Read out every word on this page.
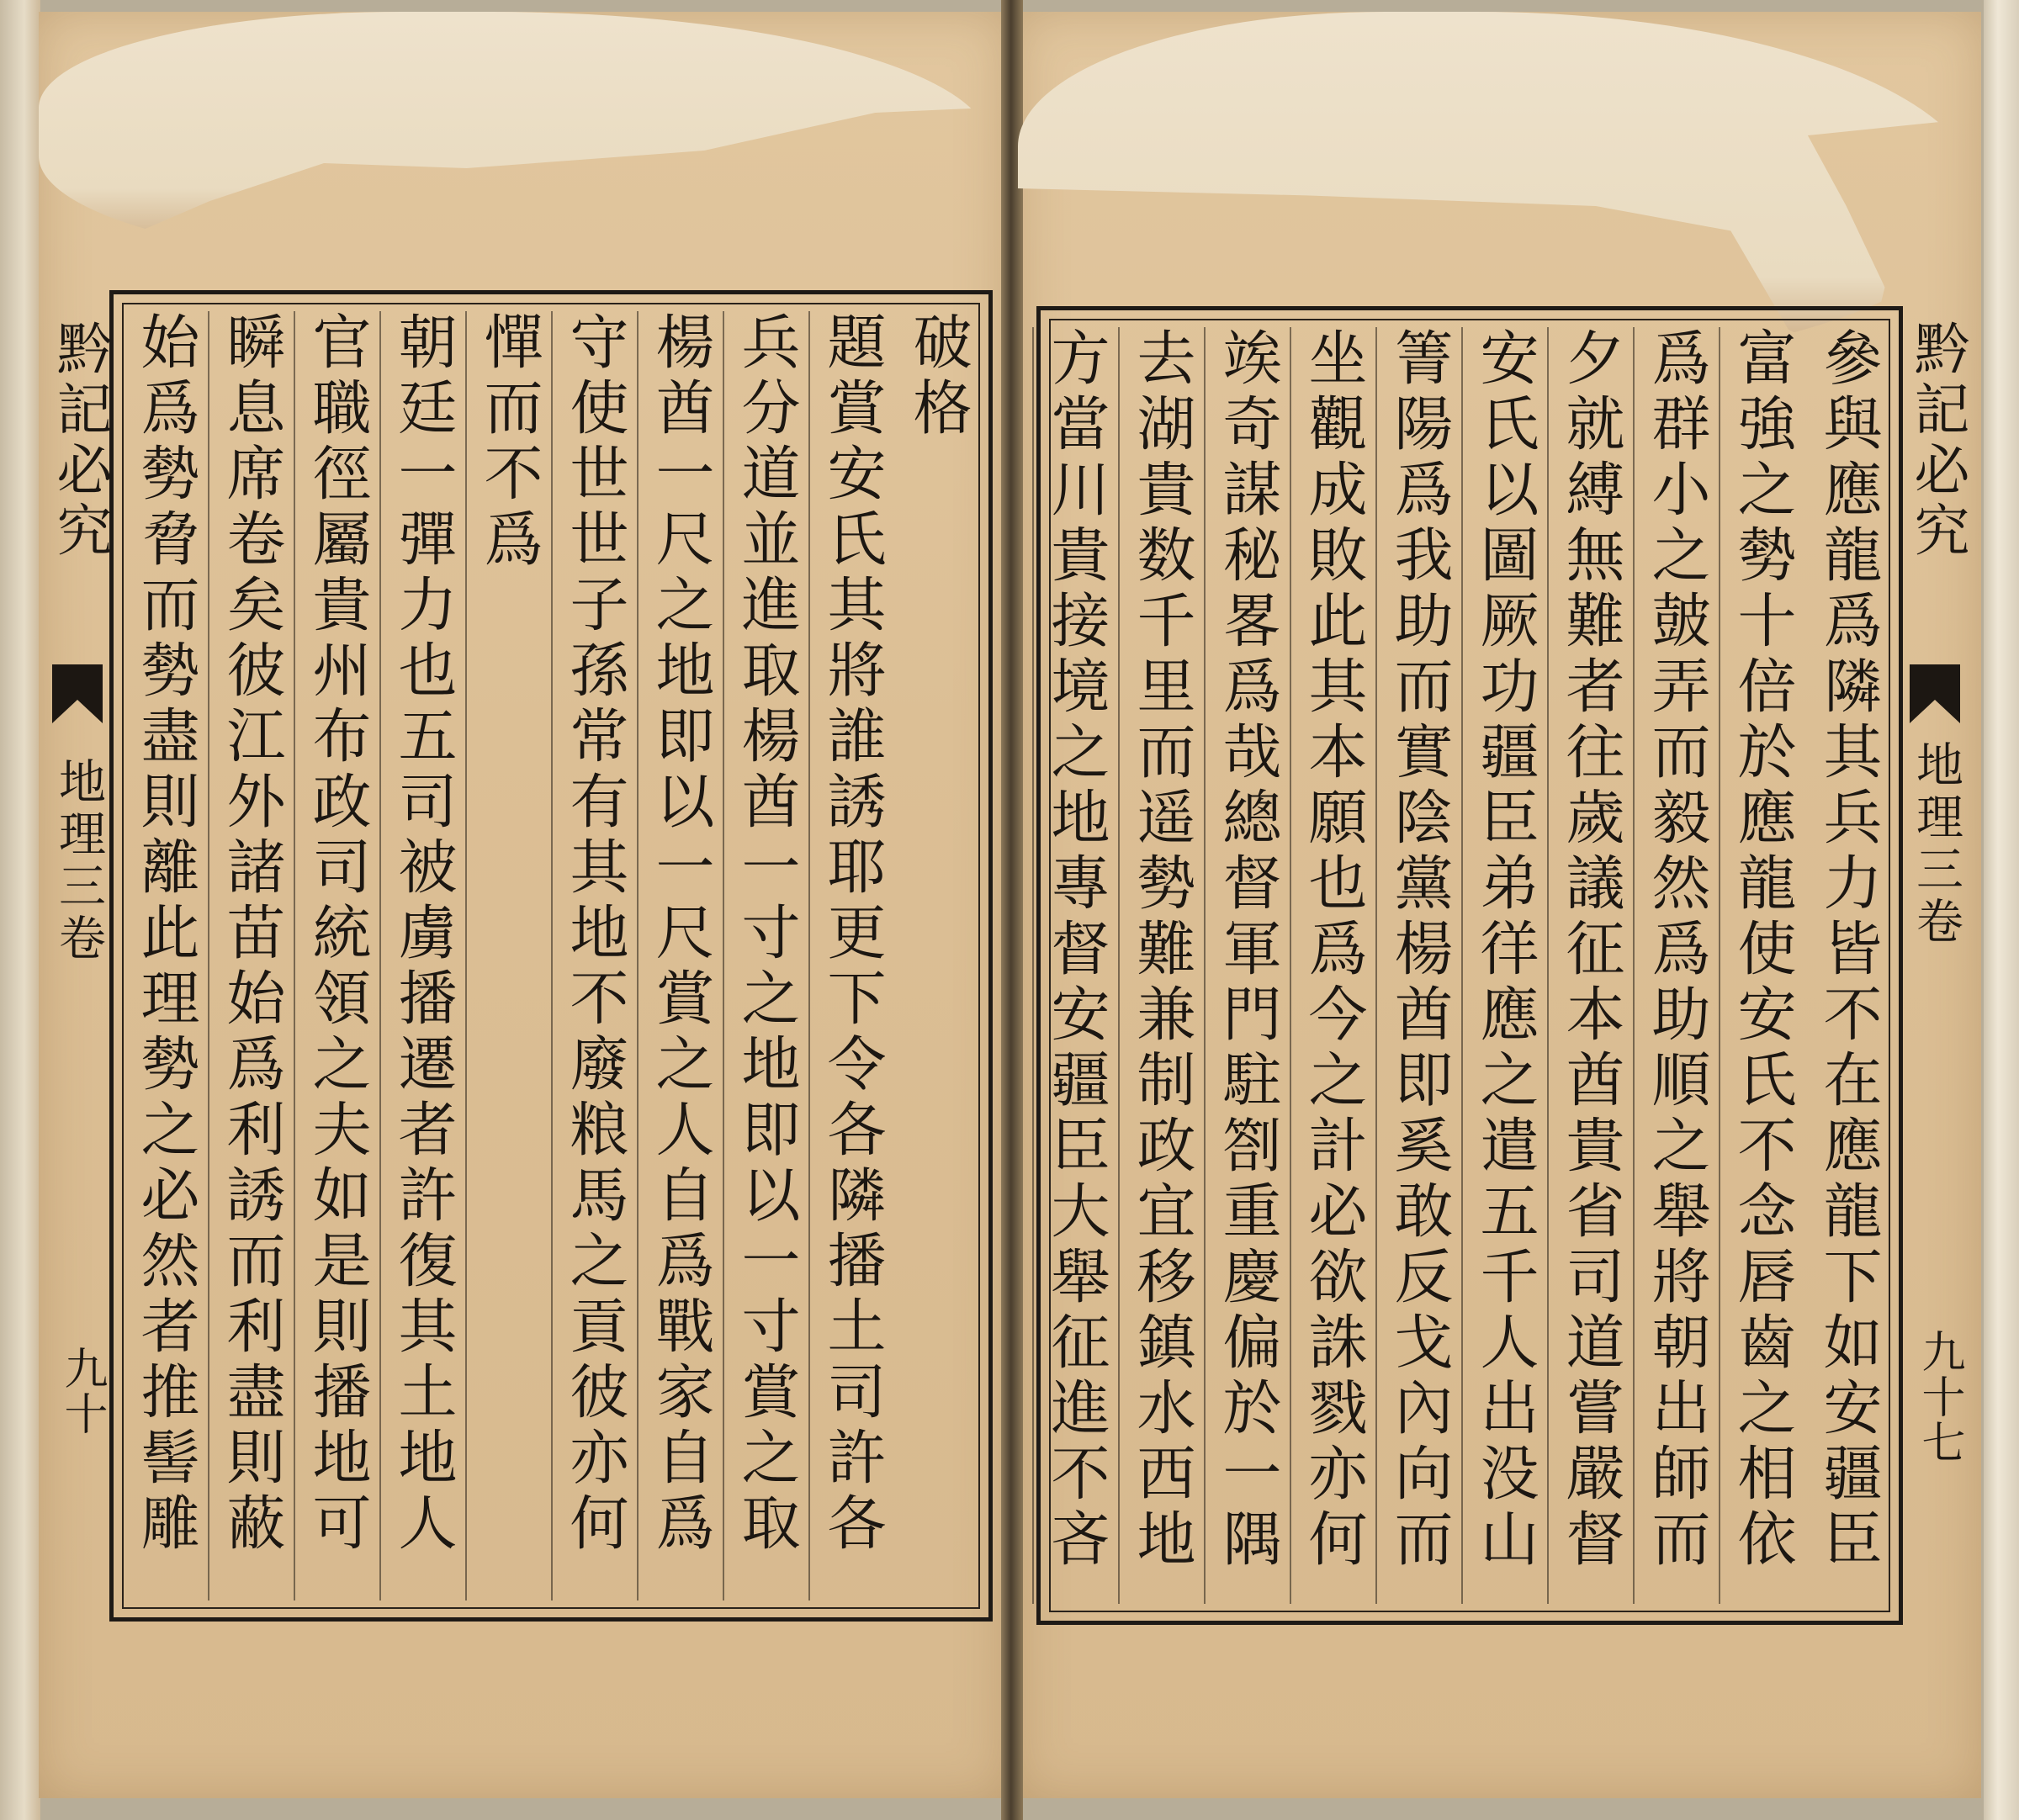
黔記必究
地理三卷
九十
破格
題賞安氏其將誰誘耶更下令各隣播土司許各
兵分道並進取楊酋一寸之地即以一寸賞之取
楊酋一尺之地即以一尺賞之人自爲戰家自爲
守使世世子孫常有其地不廢粮馬之貢彼亦何
憚而不爲
朝廷一彈力也五司被虜播遷者許復其土地人
官職徑屬貴州布政司統領之夫如是則播地可
瞬息席卷矣彼江外諸苗始爲利誘而利盡則蔽
始爲勢脅而勢盡則離此理勢之必然者推髻雕	參與應龍爲隣其兵力皆不在應龍下如安疆臣
富強之勢十倍於應龍使安氏不念唇齒之相依
爲群小之皷弄而毅然爲助順之舉將朝出師而
夕就縛無難者往歲議征本酋貴省司道嘗嚴督
安氏以圖厥功疆臣弟徉應之遣五千人出没山
箐陽爲我助而實陰黨楊酋即奚敢反戈內向而
坐觀成敗此其本願也爲今之計必欲誅戮亦何
竢奇謀秘畧爲哉總督軍門駐劄重慶偏於一隅
去湖貴数千里而遥勢難兼制政宜移鎮水西地
方當川貴接境之地專督安疆臣大舉征進不吝	黔記必究
地理三卷
九十七
